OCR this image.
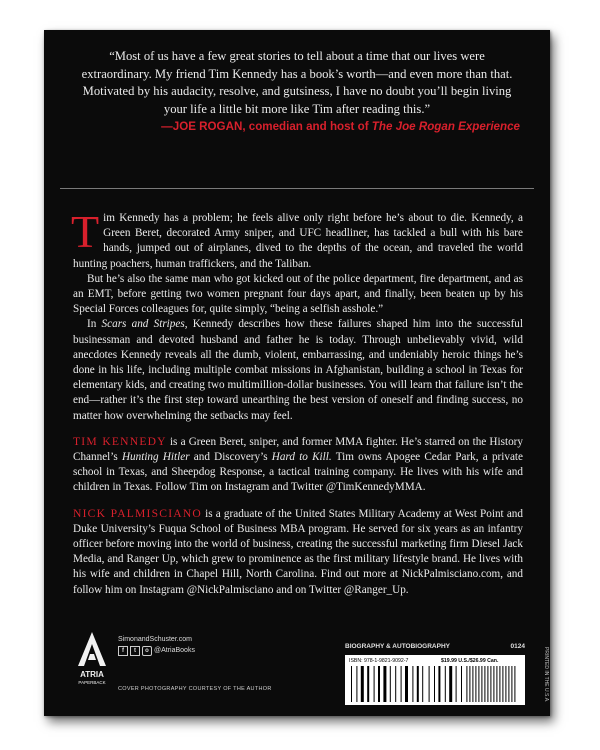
“Most of us have a few great stories to tell about a time that our lives were extraordinary. My friend Tim Kennedy has a book’s worth—and even more than that. Motivated by his audacity, resolve, and gutsiness, I have no doubt you’ll begin living your life a little bit more like Tim after reading this.”
—JOE ROGAN, comedian and host of The Joe Rogan Experience

Tim Kennedy has a problem; he feels alive only right before he’s about to die. Kennedy, a Green Beret, decorated Army sniper, and UFC headliner, has tackled a bull with his bare hands, jumped out of airplanes, dived to the depths of the ocean, and traveled the world hunting poachers, human traffickers, and the Taliban.

But he’s also the same man who got kicked out of the police department, fire department, and as an EMT, before getting two women pregnant four days apart, and finally, been beaten up by his Special Forces colleagues for, quite simply, “being a selfish asshole.”

In Scars and Stripes, Kennedy describes how these failures shaped him into the successful businessman and devoted husband and father he is today. Through unbelievably vivid, wild anecdotes Kennedy reveals all the dumb, violent, embarrassing, and undeniably heroic things he’s done in his life, including multiple combat missions in Afghanistan, building a school in Texas for elementary kids, and creating two multimillion-dollar businesses. You will learn that failure isn’t the end—rather it’s the first step toward unearthing the best version of oneself and finding success, no matter how overwhelming the setbacks may feel.

TIM KENNEDY is a Green Beret, sniper, and former MMA fighter. He’s starred on the History Channel’s Hunting Hitler and Discovery’s Hard to Kill. Tim owns Apogee Cedar Park, a private school in Texas, and Sheepdog Response, a tactical training company. He lives with his wife and children in Texas. Follow Tim on Instagram and Twitter @TimKennedyMMA.

NICK PALMISCIANO is a graduate of the United States Military Academy at West Point and Duke University’s Fuqua School of Business MBA program. He served for six years as an infantry officer before moving into the world of business, creating the successful marketing firm Diesel Jack Media, and Ranger Up, which grew to prominence as the first military lifestyle brand. He lives with his wife and children in Chapel Hill, North Carolina. Find out more at NickPalmisciano.com, and follow him on Instagram @NickPalmisciano and on Twitter @Ranger_Up.

ATRIA
PAPERBACK
SimonandSchuster.com
f	t	o @AtriaBooks
COVER PHOTOGRAPHY COURTESY OF THE AUTHOR
BIOGRAPHY & AUTOBIOGRAPHY	0124
ISBN: 978-1-9821-9092-7	$19.99 U.S./$26.99 Can.	PRINTED IN THE U.S.A.
